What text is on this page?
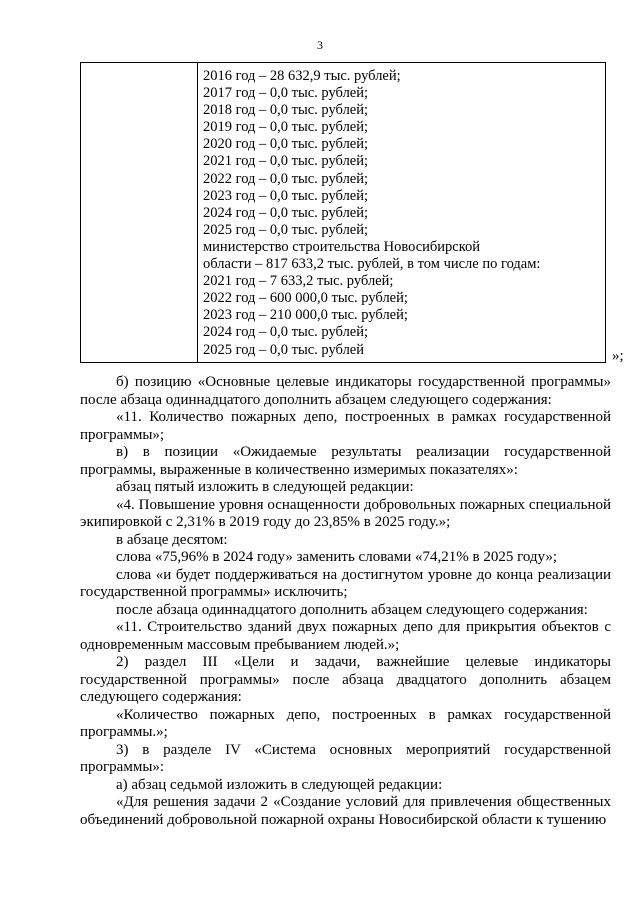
3

2016 год – 28 632,9 тыс. рублей;
2017 год – 0,0 тыс. рублей;
2018 год – 0,0 тыс. рублей;
2019 год – 0,0 тыс. рублей;
2020 год – 0,0 тыс. рублей;
2021 год – 0,0 тыс. рублей;
2022 год – 0,0 тыс. рублей;
2023 год – 0,0 тыс. рублей;
2024 год – 0,0 тыс. рублей;
2025 год – 0,0 тыс. рублей;
министерство строительства Новосибирской
области – 817 633,2 тыс. рублей, в том числе по годам:
2021 год – 7 633,2 тыс. рублей;
2022 год – 600 000,0 тыс. рублей;
2023 год – 210 000,0 тыс. рублей;
2024 год – 0,0 тыс. рублей;
2025 год – 0,0 тыс. рублей	»;

б) позицию «Основные целевые индикаторы государственной программы» после абзаца одиннадцатого дополнить абзацем следующего содержания:

«11. Количество пожарных депо, построенных в рамках государственной программы»;

в) в позиции «Ожидаемые результаты реализации государственной программы, выраженные в количественно измеримых показателях»:

абзац пятый изложить в следующей редакции:

«4. Повышение уровня оснащенности добровольных пожарных специальной экипировкой с 2,31% в 2019 году до 23,85% в 2025 году.»;

в абзаце десятом:

слова «75,96% в 2024 году» заменить словами «74,21% в 2025 году»;

слова «и будет поддерживаться на достигнутом уровне до конца реализации государственной программы» исключить;

после абзаца одиннадцатого дополнить абзацем следующего содержания:

«11. Строительство зданий двух пожарных депо для прикрытия объектов с одновременным массовым пребыванием людей.»;

2) раздел III «Цели и задачи, важнейшие целевые индикаторы государственной программы» после абзаца двадцатого дополнить абзацем следующего содержания:

«Количество пожарных депо, построенных в рамках государственной программы.»;

3) в разделе IV «Система основных мероприятий государственной программы»:

а) абзац седьмой изложить в следующей редакции:

«Для решения задачи 2 «Создание условий для привлечения общественных объединений добровольной пожарной охраны Новосибирской области к тушению
